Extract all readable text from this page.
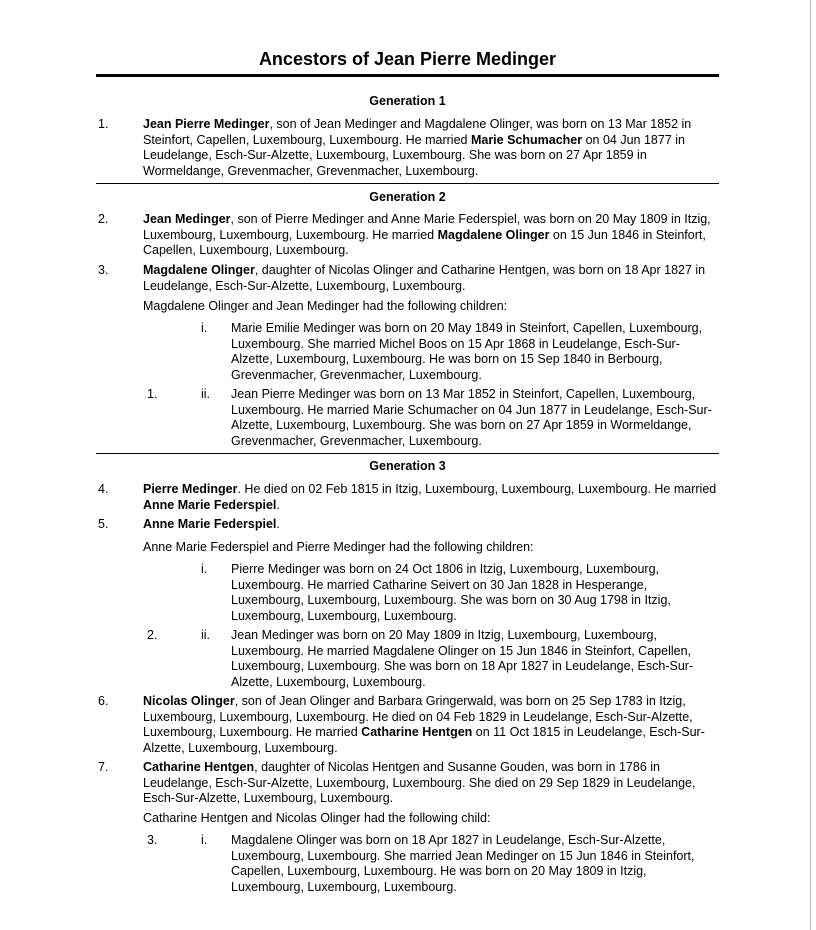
Ancestors of Jean Pierre Medinger
Generation 1
1.	Jean Pierre Medinger, son of Jean Medinger and Magdalene Olinger, was born on 13 Mar 1852 in Steinfort, Capellen, Luxembourg, Luxembourg. He married Marie Schumacher on 04 Jun 1877 in Leudelange, Esch-Sur-Alzette, Luxembourg, Luxembourg. She was born on 27 Apr 1859 in Wormeldange, Grevenmacher, Grevenmacher, Luxembourg.
Generation 2
2.	Jean Medinger, son of Pierre Medinger and Anne Marie Federspiel, was born on 20 May 1809 in Itzig, Luxembourg, Luxembourg, Luxembourg. He married Magdalene Olinger on 15 Jun 1846 in Steinfort, Capellen, Luxembourg, Luxembourg.
3.	Magdalene Olinger, daughter of Nicolas Olinger and Catharine Hentgen, was born on 18 Apr 1827 in Leudelange, Esch-Sur-Alzette, Luxembourg, Luxembourg.
Magdalene Olinger and Jean Medinger had the following children:
i. Marie Emilie Medinger was born on 20 May 1849 in Steinfort, Capellen, Luxembourg, Luxembourg. She married Michel Boos on 15 Apr 1868 in Leudelange, Esch-Sur-Alzette, Luxembourg, Luxembourg. He was born on 15 Sep 1840 in Berbourg, Grevenmacher, Grevenmacher, Luxembourg.
1.	ii. Jean Pierre Medinger was born on 13 Mar 1852 in Steinfort, Capellen, Luxembourg, Luxembourg. He married Marie Schumacher on 04 Jun 1877 in Leudelange, Esch-Sur-Alzette, Luxembourg, Luxembourg. She was born on 27 Apr 1859 in Wormeldange, Grevenmacher, Grevenmacher, Luxembourg.
Generation 3
4.	Pierre Medinger. He died on 02 Feb 1815 in Itzig, Luxembourg, Luxembourg, Luxembourg. He married Anne Marie Federspiel.
5.	Anne Marie Federspiel.
Anne Marie Federspiel and Pierre Medinger had the following children:
i. Pierre Medinger was born on 24 Oct 1806 in Itzig, Luxembourg, Luxembourg, Luxembourg. He married Catharine Seivert on 30 Jan 1828 in Hesperange, Luxembourg, Luxembourg, Luxembourg. She was born on 30 Aug 1798 in Itzig, Luxembourg, Luxembourg, Luxembourg.
2.	ii. Jean Medinger was born on 20 May 1809 in Itzig, Luxembourg, Luxembourg, Luxembourg. He married Magdalene Olinger on 15 Jun 1846 in Steinfort, Capellen, Luxembourg, Luxembourg. She was born on 18 Apr 1827 in Leudelange, Esch-Sur-Alzette, Luxembourg, Luxembourg.
6.	Nicolas Olinger, son of Jean Olinger and Barbara Gringerwald, was born on 25 Sep 1783 in Itzig, Luxembourg, Luxembourg, Luxembourg. He died on 04 Feb 1829 in Leudelange, Esch-Sur-Alzette, Luxembourg, Luxembourg. He married Catharine Hentgen on 11 Oct 1815 in Leudelange, Esch-Sur-Alzette, Luxembourg, Luxembourg.
7.	Catharine Hentgen, daughter of Nicolas Hentgen and Susanne Gouden, was born in 1786 in Leudelange, Esch-Sur-Alzette, Luxembourg, Luxembourg. She died on 29 Sep 1829 in Leudelange, Esch-Sur-Alzette, Luxembourg, Luxembourg.
Catharine Hentgen and Nicolas Olinger had the following child:
3.	i. Magdalene Olinger was born on 18 Apr 1827 in Leudelange, Esch-Sur-Alzette, Luxembourg, Luxembourg. She married Jean Medinger on 15 Jun 1846 in Steinfort, Capellen, Luxembourg, Luxembourg. He was born on 20 May 1809 in Itzig, Luxembourg, Luxembourg, Luxembourg.
